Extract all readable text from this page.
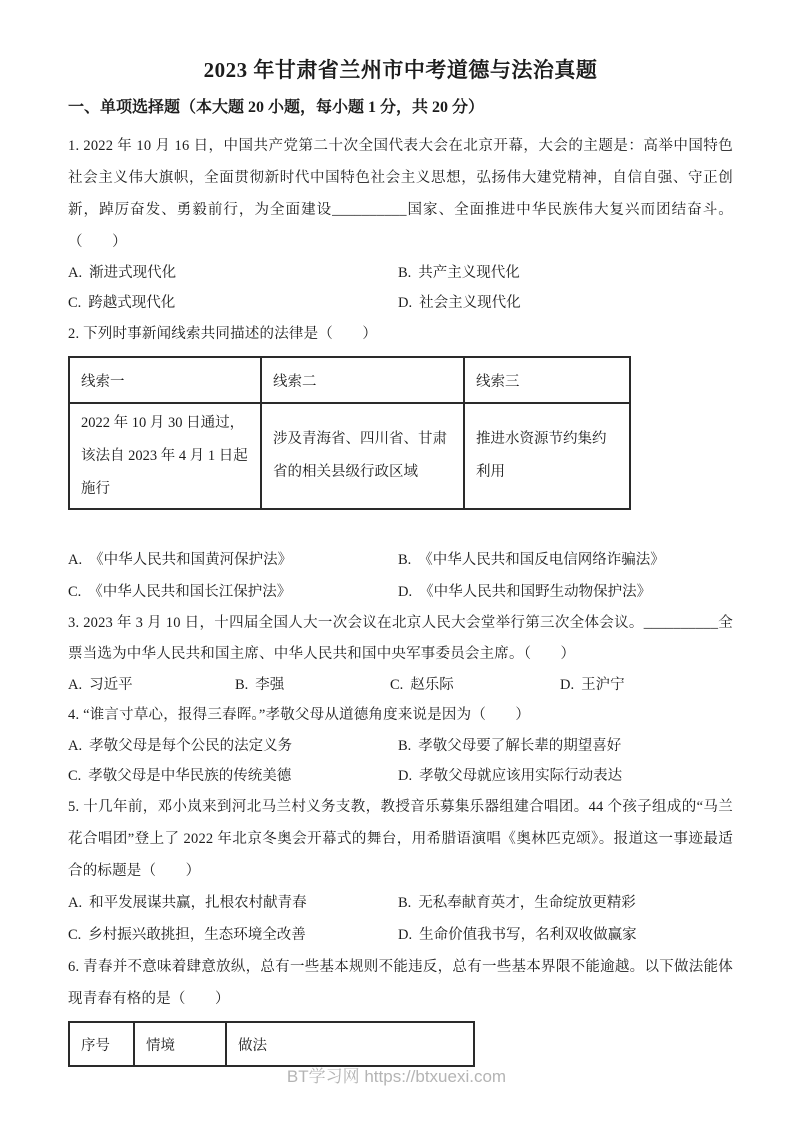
2023 年甘肃省兰州市中考道德与法治真题
一、单项选择题（本大题 20 小题，每小题 1 分，共 20 分）

1. 2022 年 10 月 16 日，中国共产党第二十次全国代表大会在北京开幕，大会的主题是：高举中国特色社会主义伟大旗帜，全面贯彻新时代中国特色社会主义思想，弘扬伟大建党精神，自信自强、守正创新，踔厉奋发、勇毅前行，为全面建设__________国家、全面推进中华民族伟大复兴而团结奋斗。（　　）

A. 渐进式现代化	B. 共产主义现代化
C. 跨越式现代化	D. 社会主义现代化

2. 下列时事新闻线索共同描述的法律是（　　）

线索一	线索二	线索三
2022 年 10 月 30 日通过，该法自 2023 年 4 月 1 日起施行	涉及青海省、四川省、甘肃省的相关县级行政区域	推进水资源节约集约利用
A. 《中华人民共和国黄河保护法》	B. 《中华人民共和国反电信网络诈骗法》
C. 《中华人民共和国长江保护法》	D. 《中华人民共和国野生动物保护法》

3. 2023 年 3 月 10 日，十四届全国人大一次会议在北京人民大会堂举行第三次全体会议。__________全票当选为中华人民共和国主席、中华人民共和国中央军事委员会主席。（　　）

A. 习近平	B. 李强	C. 赵乐际	D. 王沪宁

4. “谁言寸草心，报得三春晖。”孝敬父母从道德角度来说是因为（　　）

A. 孝敬父母是每个公民的法定义务	B. 孝敬父母要了解长辈的期望喜好
C. 孝敬父母是中华民族的传统美德	D. 孝敬父母就应该用实际行动表达

5. 十几年前，邓小岚来到河北马兰村义务支教，教授音乐募集乐器组建合唱团。44 个孩子组成的“马兰花合唱团”登上了 2022 年北京冬奥会开幕式的舞台，用希腊语演唱《奥林匹克颂》。报道这一事迹最适合的标题是（　　）

A. 和平发展谋共赢，扎根农村献青春	B. 无私奉献育英才，生命绽放更精彩
C. 乡村振兴敢挑担，生态环境全改善	D. 生命价值我书写，名利双收做赢家

6. 青春并不意味着肆意放纵，总有一些基本规则不能违反，总有一些基本界限不能逾越。以下做法能体现青春有格的是（　　）

序号	情境	做法
BT学习网 https://btxuexi.com
